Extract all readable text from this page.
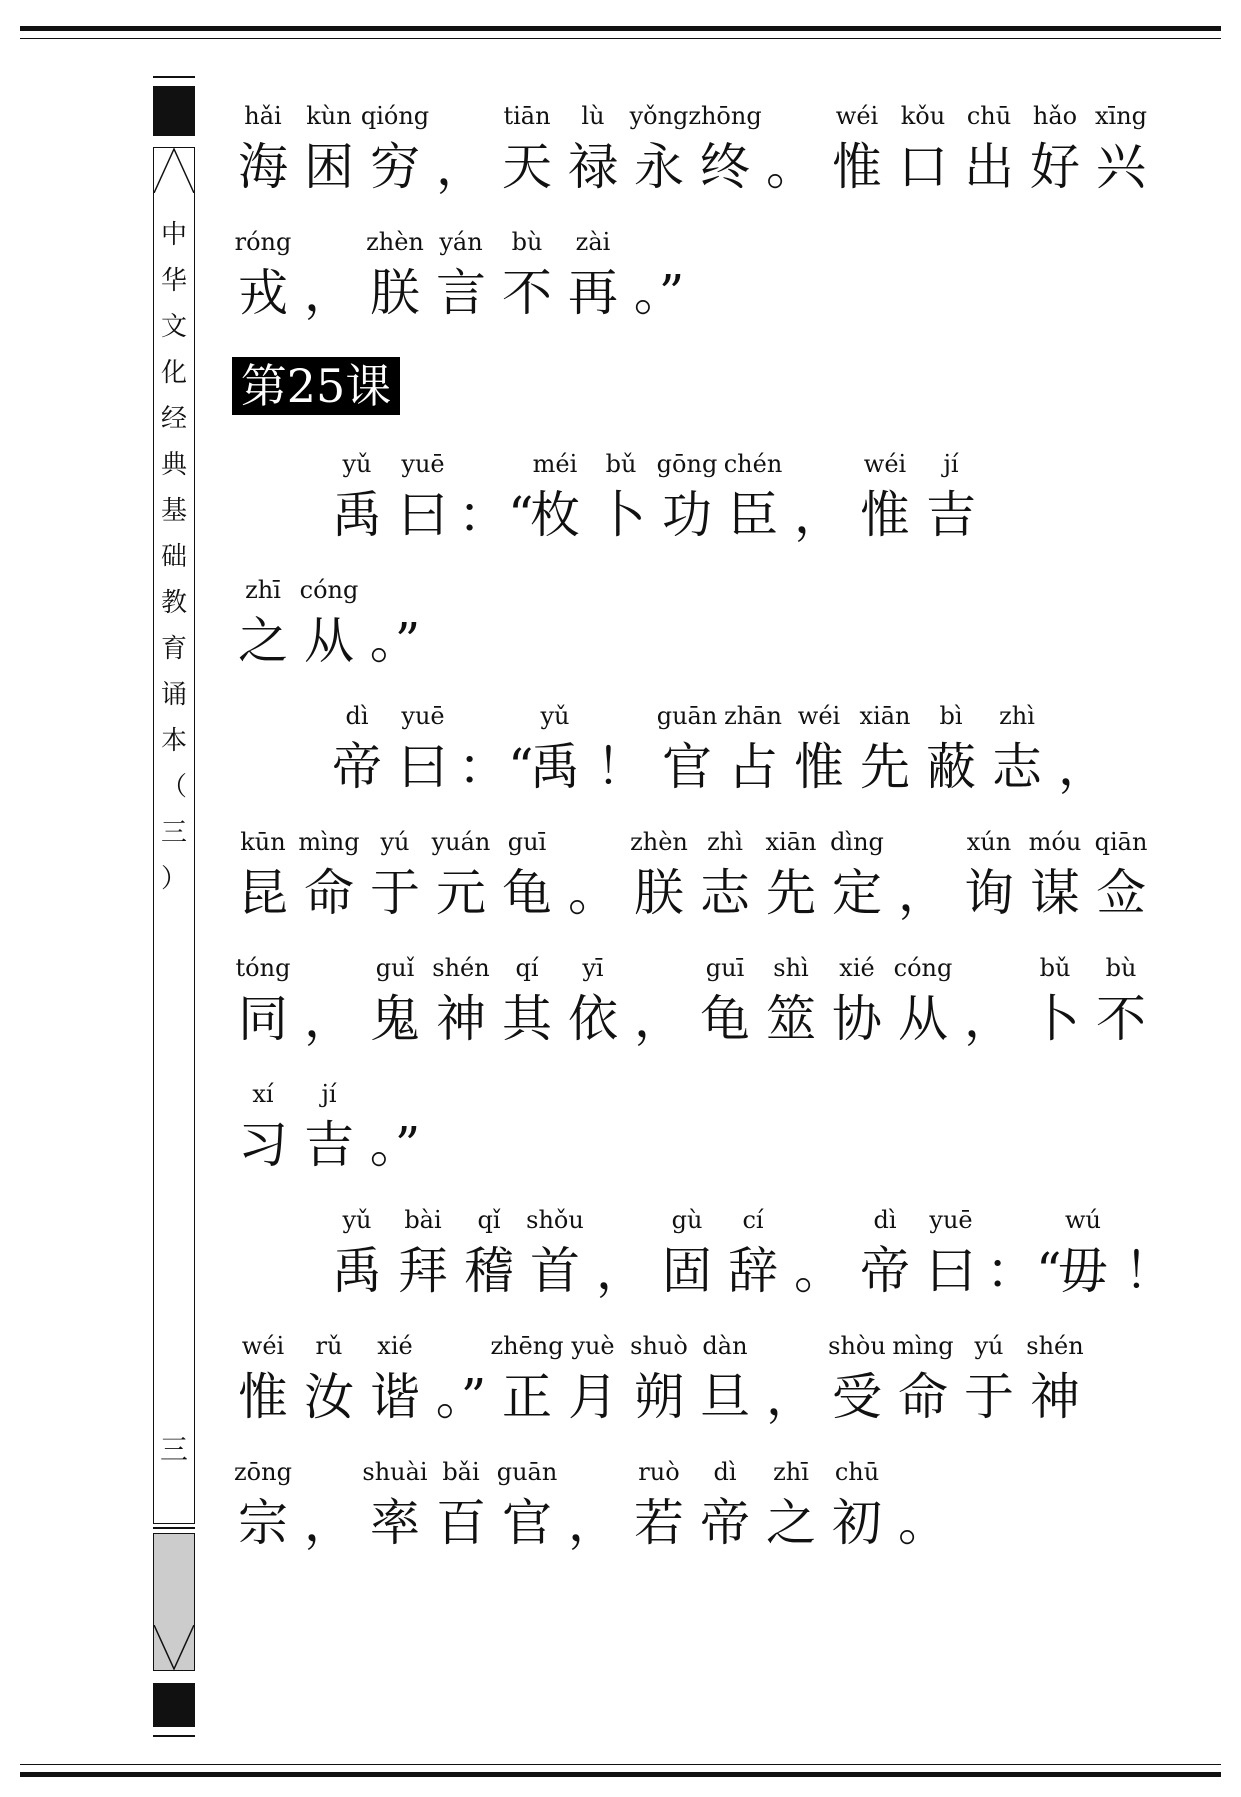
中
华
文
化
经
典
基
础
教
育
诵
本
（
三
）
三
第25课
hǎi
海
kùn
困
qióng
穷 ，
tiān
天
lù
禄
yǒng
永
zhōng
终 。
wéi
惟
kǒu
口
chū
出
hǎo
好
xīng
兴
róng
戎 ，
zhèn
朕
yán
言
bù
不
zài
再 。”
yǔ
禹
yuē
曰 ：“
méi
枚
bǔ
卜
gōng
功
chén
臣 ，
wéi
惟
jí
吉
zhī
之
cóng
从 。”
dì
帝
yuē
曰 ：“
yǔ
禹 ！
guān
官
zhān
占
wéi
惟
xiān
先
bì
蔽
zhì
志 ，
kūn
昆
mìng
命
yú
于
yuán
元
guī
龟 。
zhèn
朕
zhì
志
xiān
先
dìng
定 ，
xún
询
móu
谋
qiān
佥
tóng
同 ，
guǐ
鬼
shén
神
qí
其
yī
依 ，
guī
龟
shì
筮
xié
协
cóng
从 ，
bǔ
卜
bù
不
xí
习
jí
吉 。”
yǔ
禹
bài
拜
qǐ
稽
shǒu
首 ，
gù
固
cí
辞 。
dì
帝
yuē
曰 ：“
wú
毋 ！
wéi
惟
rǔ
汝
xié
谐 。”
zhēng
正
yuè
月
shuò
朔
dàn
旦 ，
shòu
受
mìng
命
yú
于
shén
神
zōng
宗 ，
shuài
率
bǎi
百
guān
官 ，
ruò
若
dì
帝
zhī
之
chū
初 。
